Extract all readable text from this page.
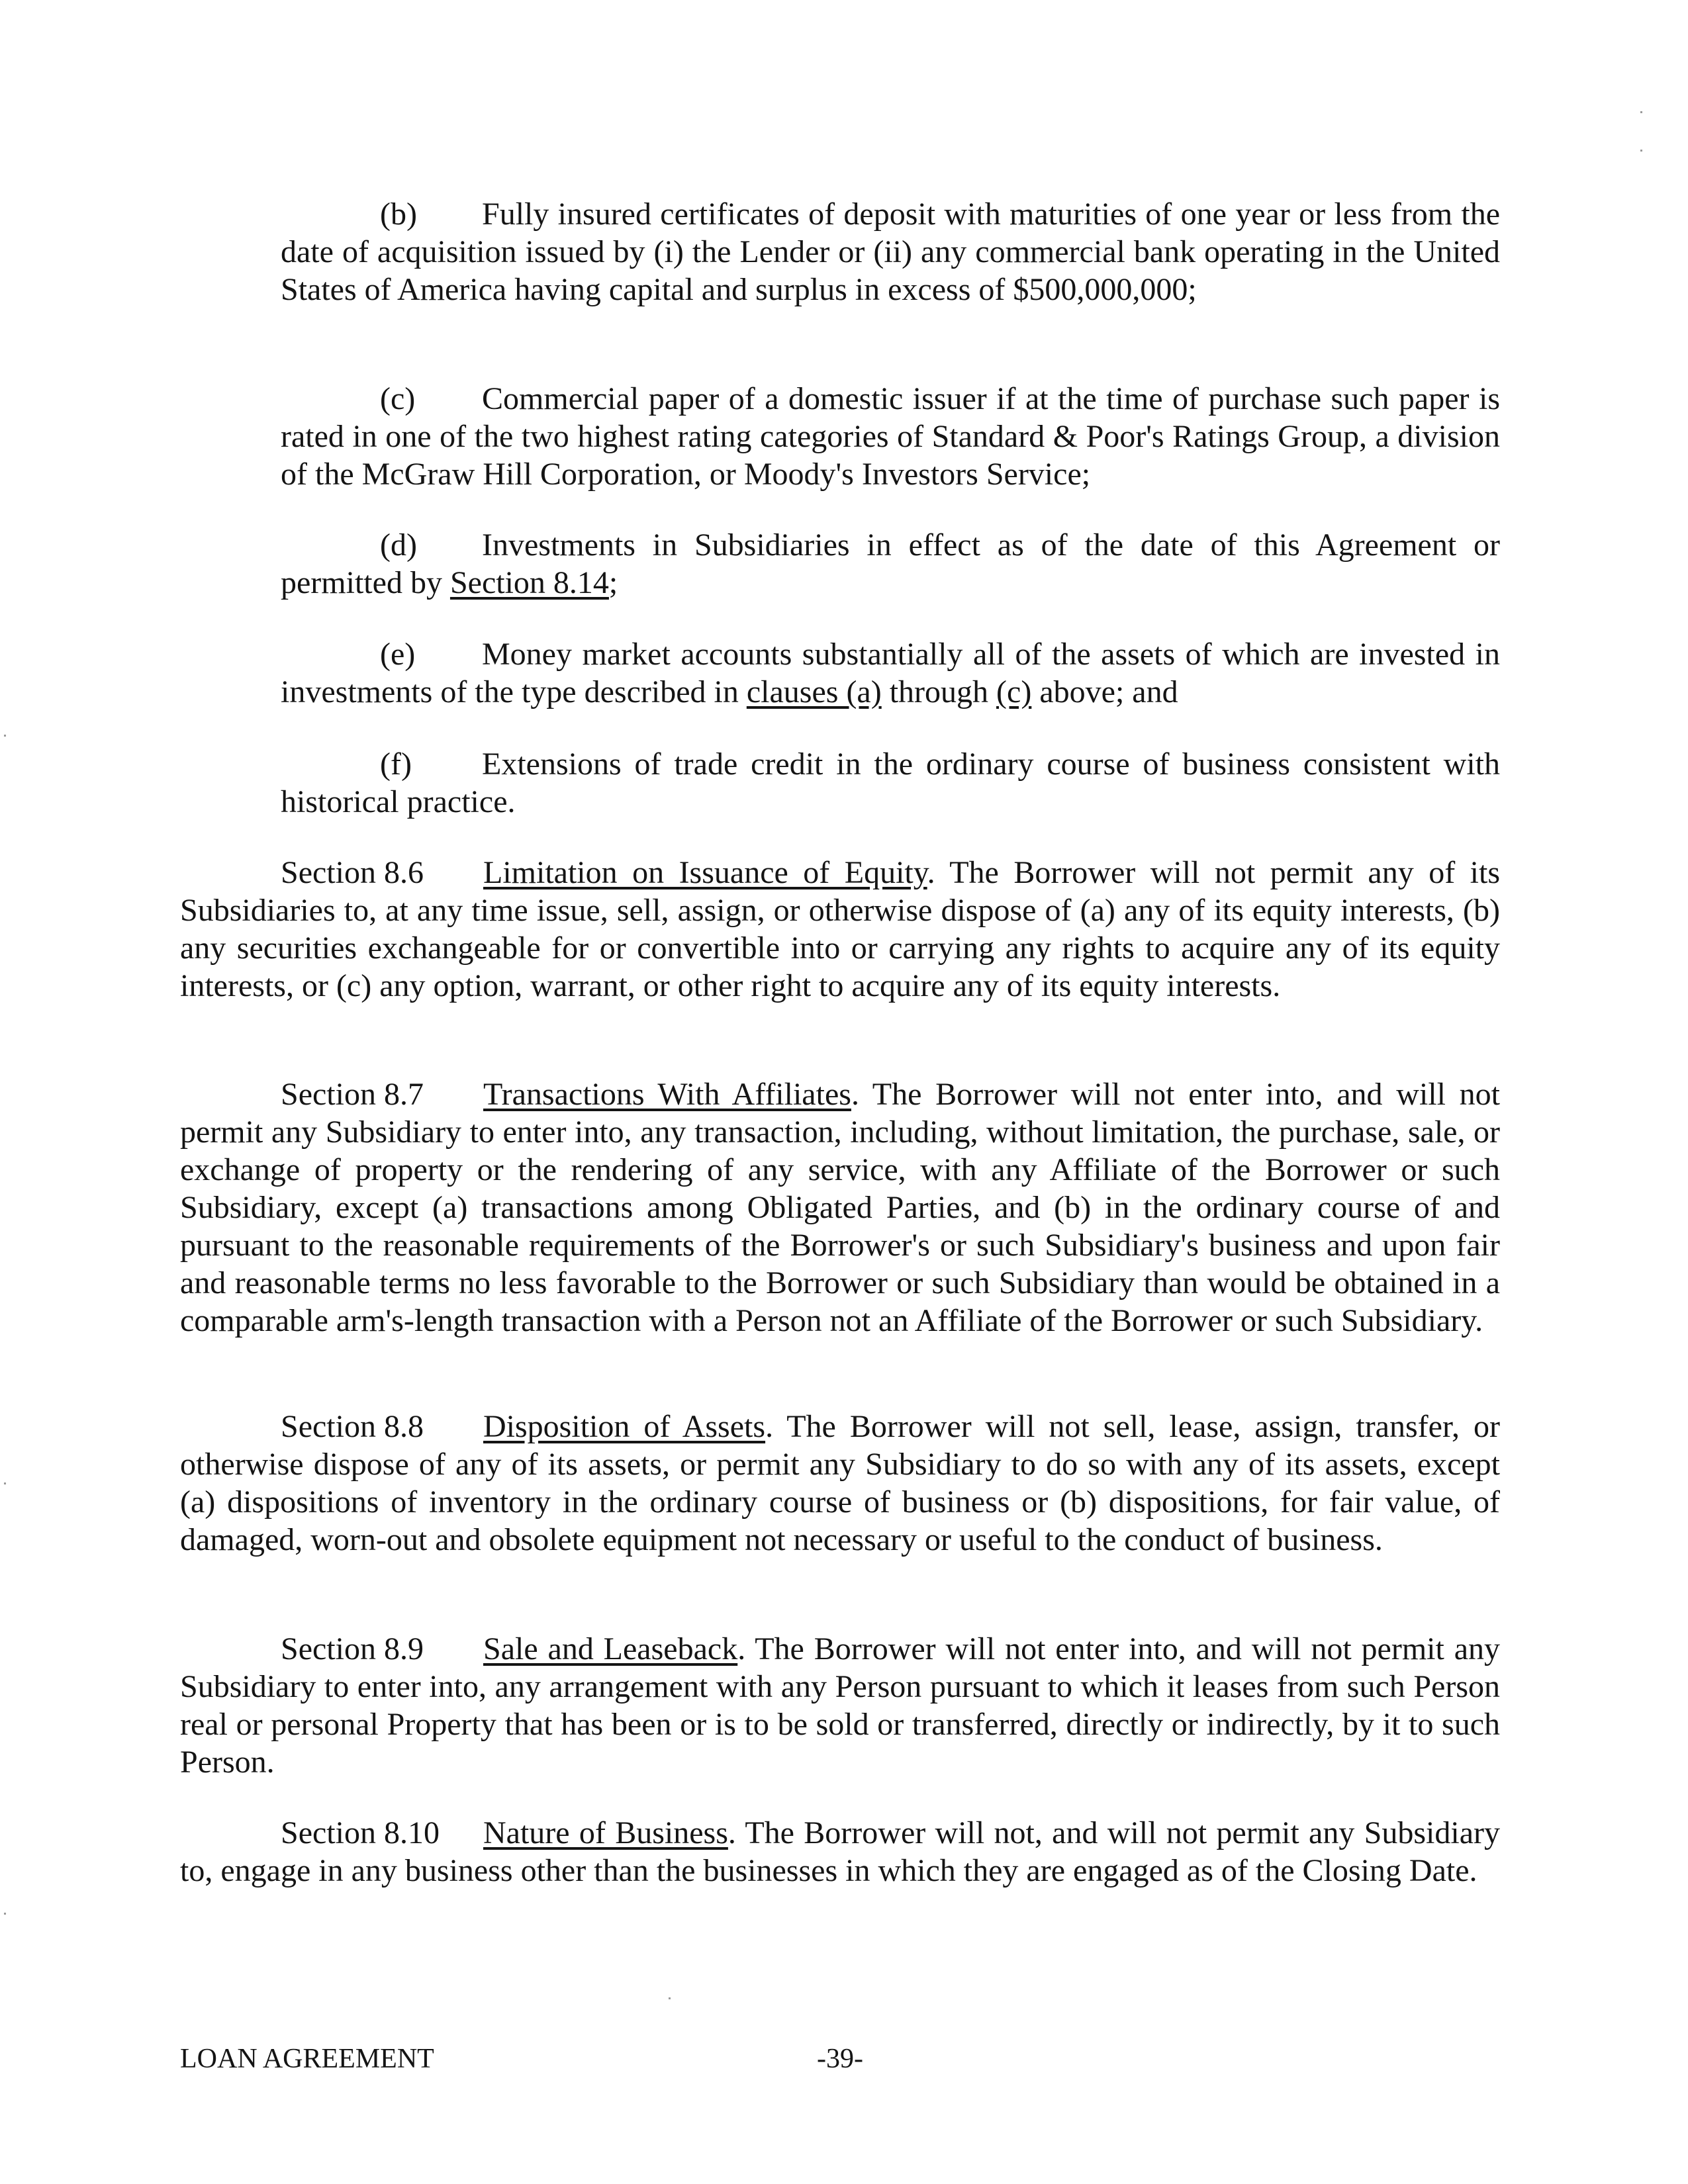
(b) Fully insured certificates of deposit with maturities of one year or less from the date of acquisition issued by (i) the Lender or (ii) any commercial bank operating in the United States of America having capital and surplus in excess of $500,000,000;

(c) Commercial paper of a domestic issuer if at the time of purchase such paper is rated in one of the two highest rating categories of Standard & Poor's Ratings Group, a division of the McGraw Hill Corporation, or Moody's Investors Service;

(d) Investments in Subsidiaries in effect as of the date of this Agreement or permitted by Section 8.14;

(e) Money market accounts substantially all of the assets of which are invested in investments of the type described in clauses (a) through (c) above; and

(f) Extensions of trade credit in the ordinary course of business consistent with historical practice.

Section 8.6 Limitation on Issuance of Equity. The Borrower will not permit any of its Subsidiaries to, at any time issue, sell, assign, or otherwise dispose of (a) any of its equity interests, (b) any securities exchangeable for or convertible into or carrying any rights to acquire any of its equity interests, or (c) any option, warrant, or other right to acquire any of its equity interests.

Section 8.7 Transactions With Affiliates. The Borrower will not enter into, and will not permit any Subsidiary to enter into, any transaction, including, without limitation, the purchase, sale, or exchange of property or the rendering of any service, with any Affiliate of the Borrower or such Subsidiary, except (a) transactions among Obligated Parties, and (b) in the ordinary course of and pursuant to the reasonable requirements of the Borrower's or such Subsidiary's business and upon fair and reasonable terms no less favorable to the Borrower or such Subsidiary than would be obtained in a comparable arm's-length transaction with a Person not an Affiliate of the Borrower or such Subsidiary.

Section 8.8 Disposition of Assets. The Borrower will not sell, lease, assign, transfer, or otherwise dispose of any of its assets, or permit any Subsidiary to do so with any of its assets, except (a) dispositions of inventory in the ordinary course of business or (b) dispositions, for fair value, of damaged, worn-out and obsolete equipment not necessary or useful to the conduct of business.

Section 8.9 Sale and Leaseback. The Borrower will not enter into, and will not permit any Subsidiary to enter into, any arrangement with any Person pursuant to which it leases from such Person real or personal Property that has been or is to be sold or transferred, directly or indirectly, by it to such Person.

Section 8.10 Nature of Business. The Borrower will not, and will not permit any Subsidiary to, engage in any business other than the businesses in which they are engaged as of the Closing Date.

LOAN AGREEMENT	-39-
